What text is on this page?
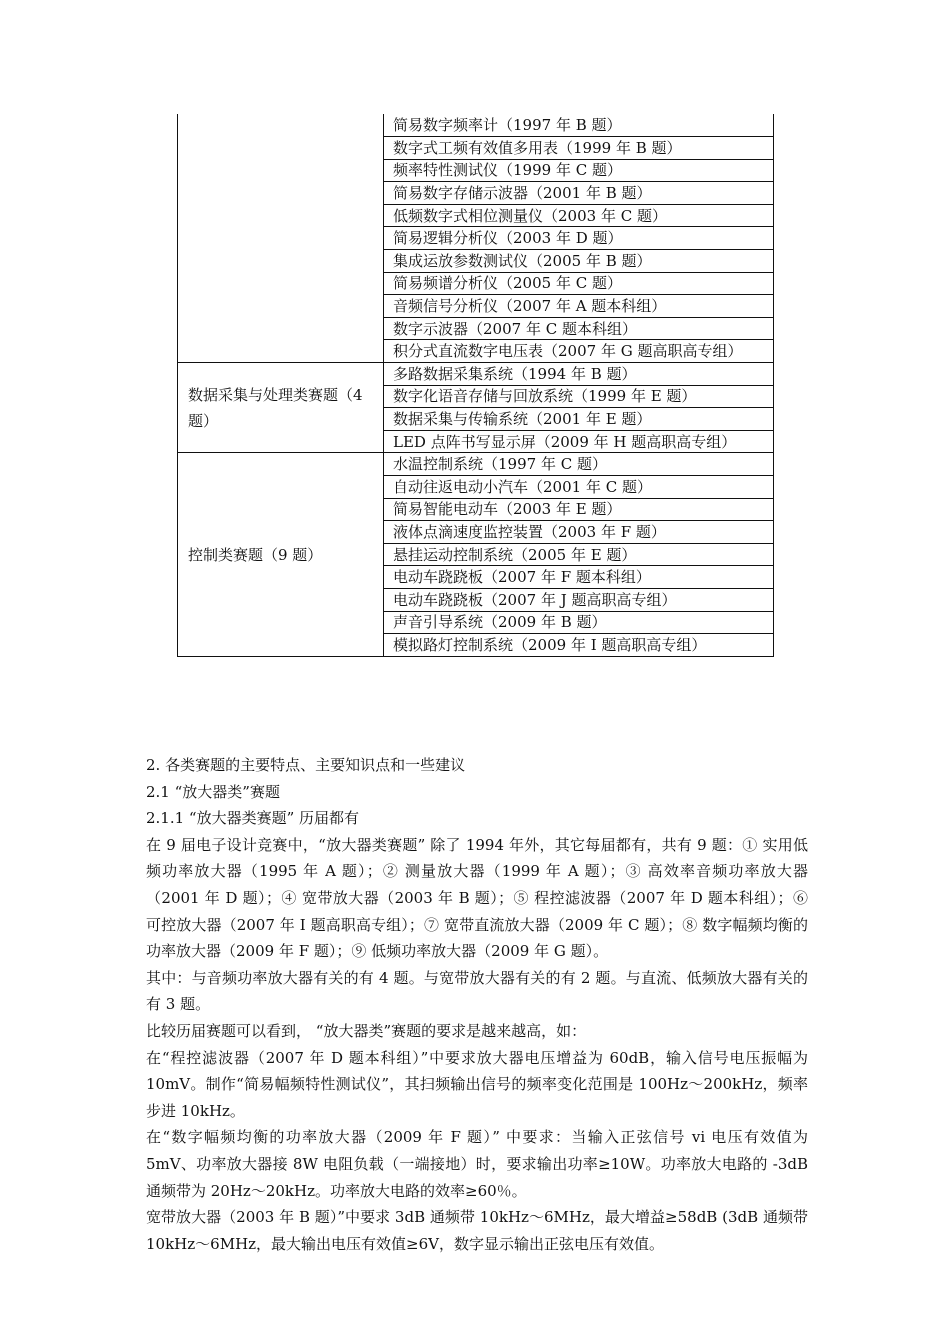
	简易数字频率计（1997 年 B 题）
	数字式工频有效值多用表（1999 年 B 题）
	频率特性测试仪（1999 年 C 题）
	简易数字存储示波器（2001 年 B 题）
	低频数字式相位测量仪（2003 年 C 题）
	简易逻辑分析仪（2003 年 D 题）
	集成运放参数测试仪（2005 年 B 题）
	简易频谱分析仪（2005 年 C 题）
	音频信号分析仪（2007 年 A 题本科组）
	数字示波器（2007 年 C 题本科组）
	积分式直流数字电压表（2007 年 G 题高职高专组）
数据采集与处理类赛题（4 题）	多路数据采集系统（1994 年 B 题）
	数字化语音存储与回放系统（1999 年 E 题）
	数据采集与传输系统（2001 年 E 题）
	LED 点阵书写显示屏（2009 年 H 题高职高专组）
控制类赛题（9 题）	水温控制系统（1997 年 C 题）
	自动往返电动小汽车（2001 年 C 题）
	简易智能电动车（2003 年 E 题）
	液体点滴速度监控装置（2003 年 F 题）
	悬挂运动控制系统（2005 年 E 题）
	电动车跷跷板（2007 年 F 题本科组）
	电动车跷跷板（2007 年 J 题高职高专组）
	声音引导系统（2009 年 B 题）
	模拟路灯控制系统（2009 年 I 题高职高专组）

2. 各类赛题的主要特点、主要知识点和一些建议

2.1 “放大器类”赛题

2.1.1 “放大器类赛题” 历届都有

在 9 届电子设计竞赛中，“放大器类赛题” 除了 1994 年外，其它每届都有，共有 9 题：① 实用低频功率放大器（1995 年 A 题）；② 测量放大器（1999 年 A 题）；③ 高效率音频功率放大器（2001 年 D 题）；④ 宽带放大器（2003 年 B 题）；⑤ 程控滤波器（2007 年 D 题本科组）；⑥ 可控放大器（2007 年 I 题高职高专组）；⑦ 宽带直流放大器（2009 年 C 题）；⑧ 数字幅频均衡的功率放大器（2009 年 F 题）；⑨ 低频功率放大器（2009 年 G 题）。

其中：与音频功率放大器有关的有 4 题。与宽带放大器有关的有 2 题。与直流、低频放大器有关的有 3 题。

比较历届赛题可以看到， “放大器类”赛题的要求是越来越高，如：

在“程控滤波器（2007 年 D 题本科组）”中要求放大器电压增益为 60dB，输入信号电压振幅为 10mV。制作“简易幅频特性测试仪”，其扫频输出信号的频率变化范围是 100Hz～200kHz，频率步进 10kHz。

在“数字幅频均衡的功率放大器（2009 年 F 题）” 中要求：当输入正弦信号 vi 电压有效值为 5mV、功率放大器接 8W 电阻负载（一端接地）时，要求输出功率≥10W。功率放大电路的 -3dB 通频带为 20Hz～20kHz。功率放大电路的效率≥60％。

宽带放大器（2003 年 B 题）”中要求 3dB 通频带 10kHz～6MHz，最大增益≥58dB (3dB 通频带 10kHz～6MHz，最大输出电压有效值≥6V，数字显示输出正弦电压有效值。
